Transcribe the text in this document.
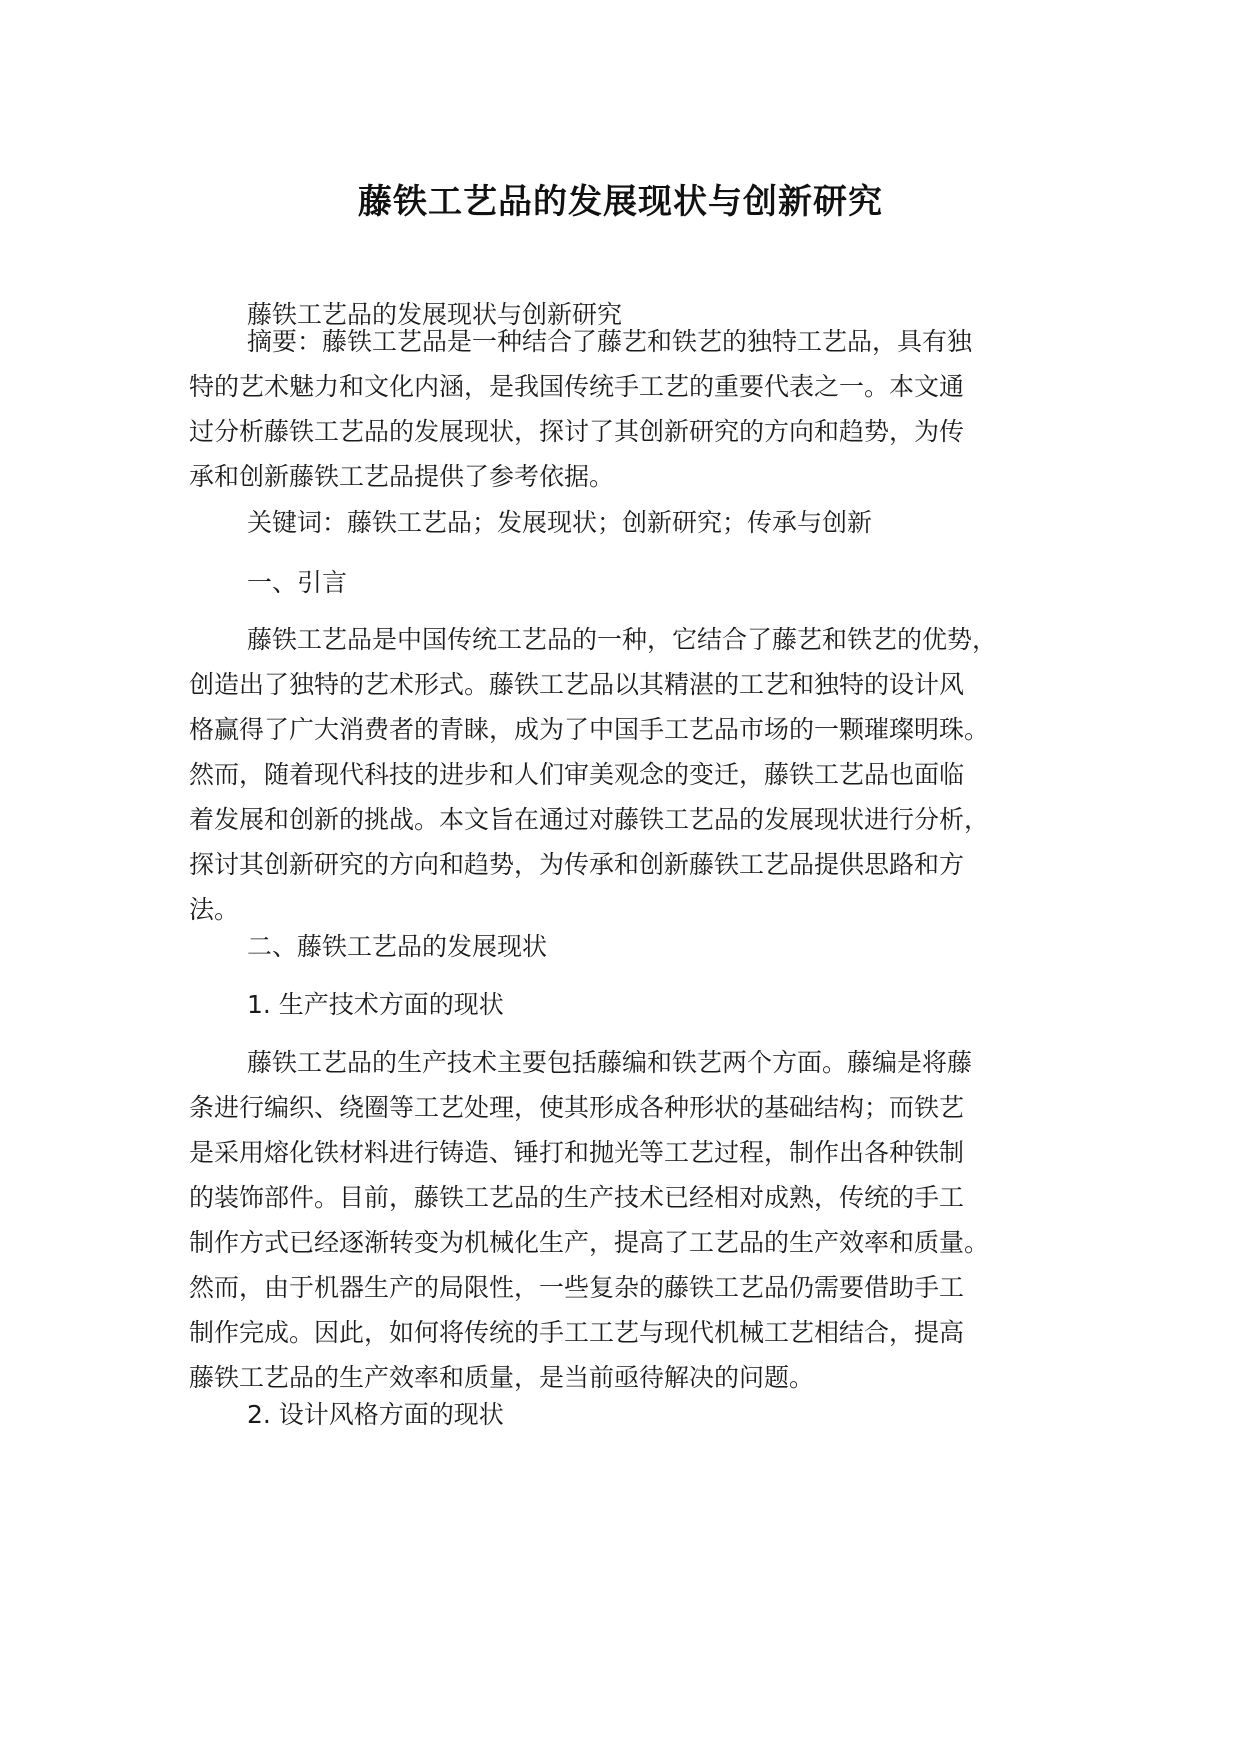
藤铁工艺品的发展现状与创新研究
藤铁工艺品的发展现状与创新研究
摘要：藤铁工艺品是一种结合了藤艺和铁艺的独特工艺品，具有独
特的艺术魅力和文化内涵，是我国传统手工艺的重要代表之一。本文通
过分析藤铁工艺品的发展现状，探讨了其创新研究的方向和趋势，为传
承和创新藤铁工艺品提供了参考依据。
关键词：藤铁工艺品；发展现状；创新研究；传承与创新
一、引言
藤铁工艺品是中国传统工艺品的一种，它结合了藤艺和铁艺的优势，
创造出了独特的艺术形式。藤铁工艺品以其精湛的工艺和独特的设计风
格赢得了广大消费者的青睐，成为了中国手工艺品市场的一颗璀璨明珠。
然而，随着现代科技的进步和人们审美观念的变迁，藤铁工艺品也面临
着发展和创新的挑战。本文旨在通过对藤铁工艺品的发展现状进行分析，
探讨其创新研究的方向和趋势，为传承和创新藤铁工艺品提供思路和方
法。
二、藤铁工艺品的发展现状
1. 生产技术方面的现状
藤铁工艺品的生产技术主要包括藤编和铁艺两个方面。藤编是将藤
条进行编织、绕圈等工艺处理，使其形成各种形状的基础结构；而铁艺
是采用熔化铁材料进行铸造、锤打和抛光等工艺过程，制作出各种铁制
的装饰部件。目前，藤铁工艺品的生产技术已经相对成熟，传统的手工
制作方式已经逐渐转变为机械化生产，提高了工艺品的生产效率和质量。
然而，由于机器生产的局限性，一些复杂的藤铁工艺品仍需要借助手工
制作完成。因此，如何将传统的手工工艺与现代机械工艺相结合，提高
藤铁工艺品的生产效率和质量，是当前亟待解决的问题。
2. 设计风格方面的现状
